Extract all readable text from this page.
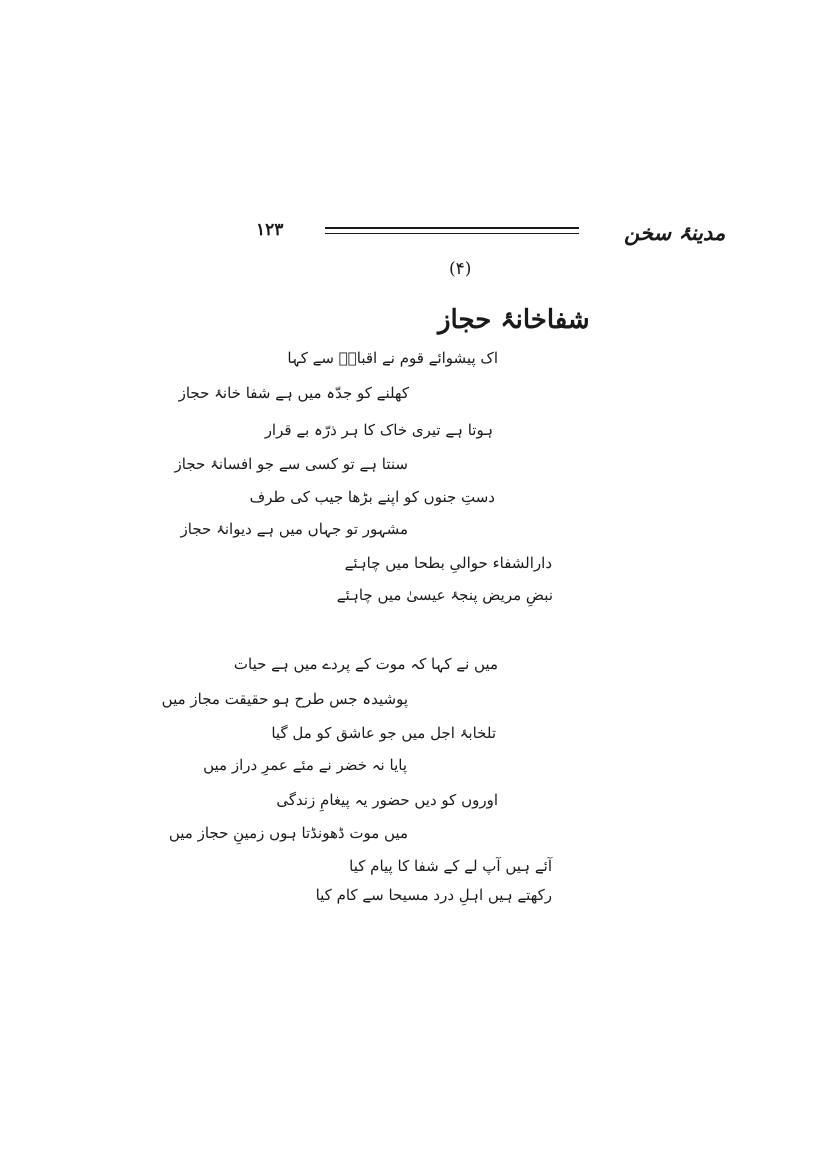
مدینۂ سخن
۱۲۳
(۴)
شفاخانۂ حجاز
اک پیشوائے قوم نے اقبالؔ سے کہا
کھلنے کو جدّہ میں ہے شفا خانۂ حجاز
ہوتا ہے تیری خاک کا ہر ذرّہ بے قرار
سنتا ہے تو کسی سے جو افسانۂ حجاز
دستِ جنوں کو اپنے بڑھا جیب کی طرف
مشہور تو جہاں میں ہے دیوانۂ حجاز
دارالشفاء حوالیِ بطحا میں چاہئے
نبضِ مریض پنجۂ عیسیٰ میں چاہئے
میں نے کہا کہ موت کے پردے میں ہے حیات
پوشیدہ جس طرح ہو حقیقت مجاز میں
تلخابۂ اجل میں جو عاشق کو مل گیا
پایا نہ خضر نے مئے عمرِ دراز میں
اوروں کو دیں حضور یہ پیغامِ زندگی
میں موت ڈھونڈتا ہوں زمینِ حجاز میں
آئے ہیں آپ لے کے شفا کا پیام کیا
رکھتے ہیں اہلِ درد مسیحا سے کام کیا
